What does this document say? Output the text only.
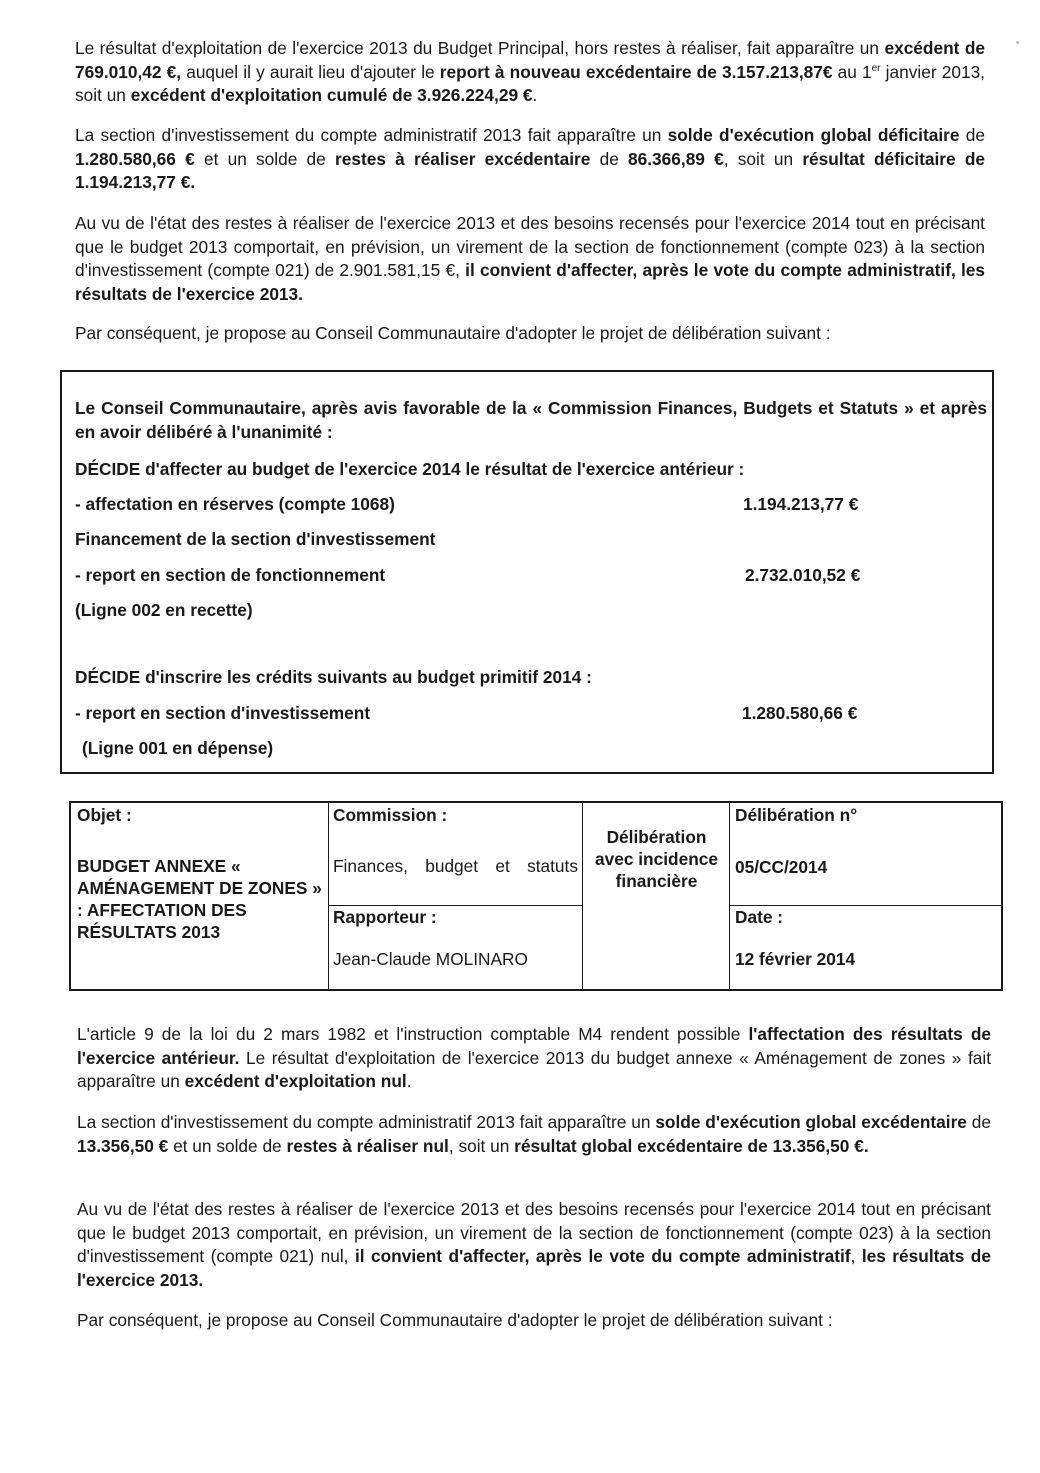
Le résultat d'exploitation de l'exercice 2013 du Budget Principal, hors restes à réaliser, fait apparaître un excédent de 769.010,42 €, auquel il y aurait lieu d'ajouter le report à nouveau excédentaire de 3.157.213,87€ au 1er janvier 2013, soit un excédent d'exploitation cumulé de 3.926.224,29 €.

La section d'investissement du compte administratif 2013 fait apparaître un solde d'exécution global déficitaire de 1.280.580,66 € et un solde de restes à réaliser excédentaire de 86.366,89 €, soit un résultat déficitaire de 1.194.213,77 €.

Au vu de l'état des restes à réaliser de l'exercice 2013 et des besoins recensés pour l'exercice 2014 tout en précisant que le budget 2013 comportait, en prévision, un virement de la section de fonctionnement (compte 023) à la section d'investissement (compte 021) de 2.901.581,15 €, il convient d'affecter, après le vote du compte administratif, les résultats de l'exercice 2013.

Par conséquent, je propose au Conseil Communautaire d'adopter le projet de délibération suivant :

Le Conseil Communautaire, après avis favorable de la « Commission Finances, Budgets et Statuts » et après en avoir délibéré à l'unanimité :

DÉCIDE d'affecter au budget de l'exercice 2014 le résultat de l'exercice antérieur :
- affectation en réserves (compte 1068)	1.194.213,77 €
Financement de la section d'investissement
- report en section de fonctionnement	2.732.010,52 €
(Ligne 002 en recette)
DÉCIDE d'inscrire les crédits suivants au budget primitif 2014 :
- report en section d'investissement	1.280.580,66 €
(Ligne 001 en dépense)
Objet :
BUDGET ANNEXE « AMÉNAGEMENT DE ZONES » : AFFECTATION DES RÉSULTATS 2013
Commission :
Finances, budget et statuts
Rapporteur :
Jean-Claude MOLINARO
Délibération avec incidence financière
Délibération n°
05/CC/2014
Date :
12 février 2014

L'article 9 de la loi du 2 mars 1982 et l'instruction comptable M4 rendent possible l'affectation des résultats de l'exercice antérieur. Le résultat d'exploitation de l'exercice 2013 du budget annexe « Aménagement de zones » fait apparaître un excédent d'exploitation nul.

La section d'investissement du compte administratif 2013 fait apparaître un solde d'exécution global excédentaire de 13.356,50 € et un solde de restes à réaliser nul, soit un résultat global excédentaire de 13.356,50 €.

Au vu de l'état des restes à réaliser de l'exercice 2013 et des besoins recensés pour l'exercice 2014 tout en précisant que le budget 2013 comportait, en prévision, un virement de la section de fonctionnement (compte 023) à la section d'investissement (compte 021) nul, il convient d'affecter, après le vote du compte administratif, les résultats de l'exercice 2013.

Par conséquent, je propose au Conseil Communautaire d'adopter le projet de délibération suivant :
